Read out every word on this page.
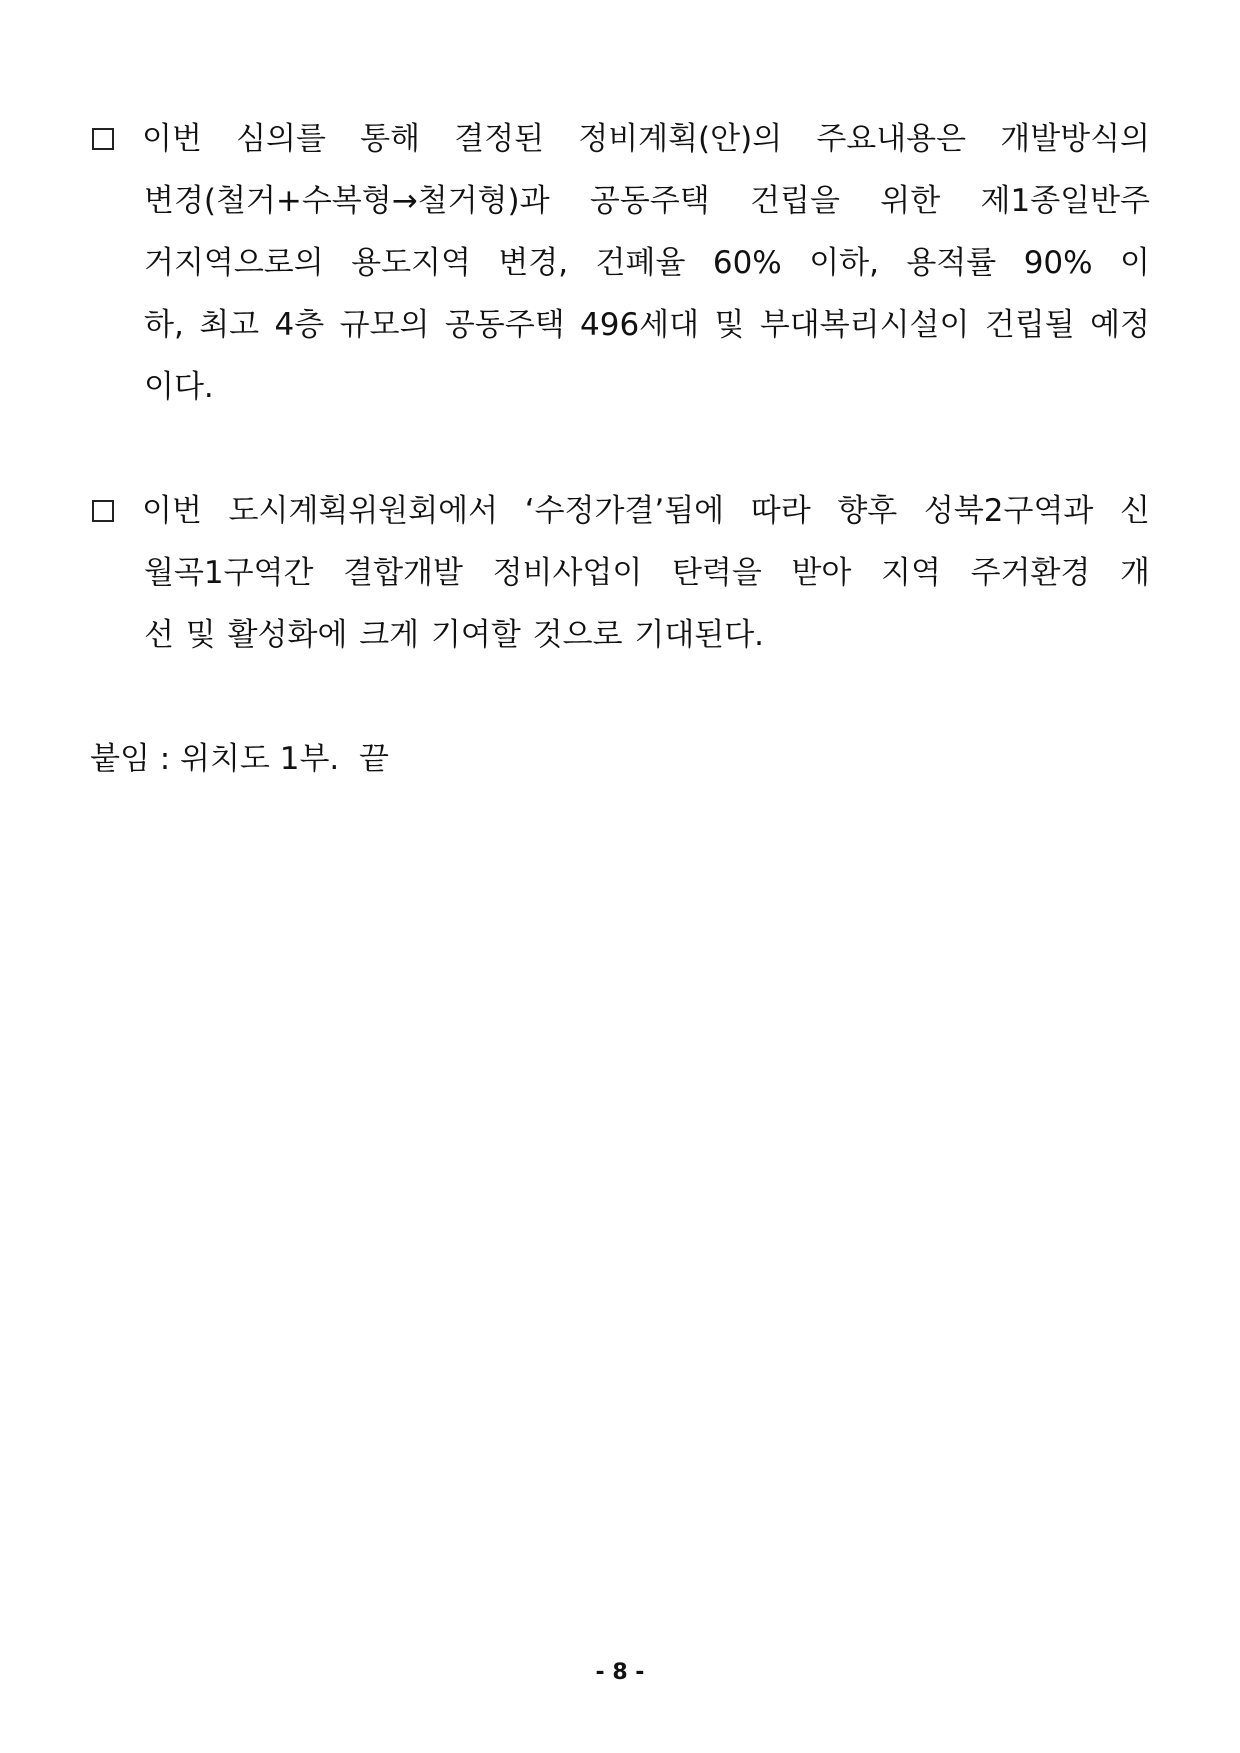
이번 심의를 통해 결정된 정비계획(안)의 주요내용은 개발방식의
변경(철거+수복형→철거형)과 공동주택 건립을 위한 제1종일반주
거지역으로의 용도지역 변경, 건폐율 60% 이하, 용적률 90% 이
하, 최고 4층 규모의 공동주택 496세대 및 부대복리시설이 건립될 예정
이다.
이번 도시계획위원회에서 ‘수정가결’됨에 따라 향후 성북2구역과 신
월곡1구역간 결합개발 정비사업이 탄력을 받아 지역 주거환경 개
선 및 활성화에 크게 기여할 것으로 기대된다.
붙임 : 위치도 1부.  끝
- 8 -
